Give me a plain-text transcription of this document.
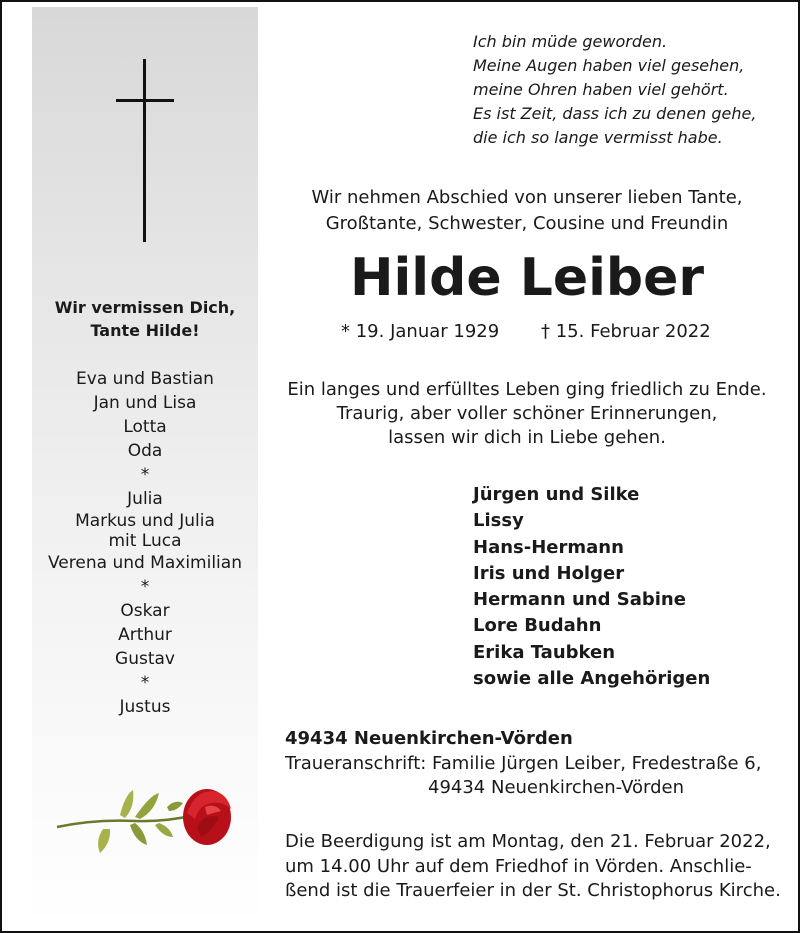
Wir vermissen Dich,
Tante Hilde!
Eva und Bastian
Jan und Lisa
Lotta
Oda
*
Julia
Markus und Julia
mit Luca
Verena und Maximilian
*
Oskar
Arthur
Gustav
*
Justus
Ich bin müde geworden.
Meine Augen haben viel gesehen,
meine Ohren haben viel gehört.
Es ist Zeit, dass ich zu denen gehe,
die ich so lange vermisst habe.
Wir nehmen Abschied von unserer lieben Tante,
Großtante, Schwester, Cousine und Freundin
Hilde Leiber
* 19. Januar 1929 † 15. Februar 2022
Ein langes und erfülltes Leben ging friedlich zu Ende.
Traurig, aber voller schöner Erinnerungen,
lassen wir dich in Liebe gehen.
Jürgen und Silke
Lissy
Hans-Hermann
Iris und Holger
Hermann und Sabine
Lore Budahn
Erika Taubken
sowie alle Angehörigen
49434 Neuenkirchen-Vörden
Traueranschrift: Familie Jürgen Leiber, Fredestraße 6,
49434 Neuenkirchen-Vörden
Die Beerdigung ist am Montag, den 21. Februar 2022,
um 14.00 Uhr auf dem Friedhof in Vörden. Anschlie-
ßend ist die Trauerfeier in der St. Christophorus Kirche.
